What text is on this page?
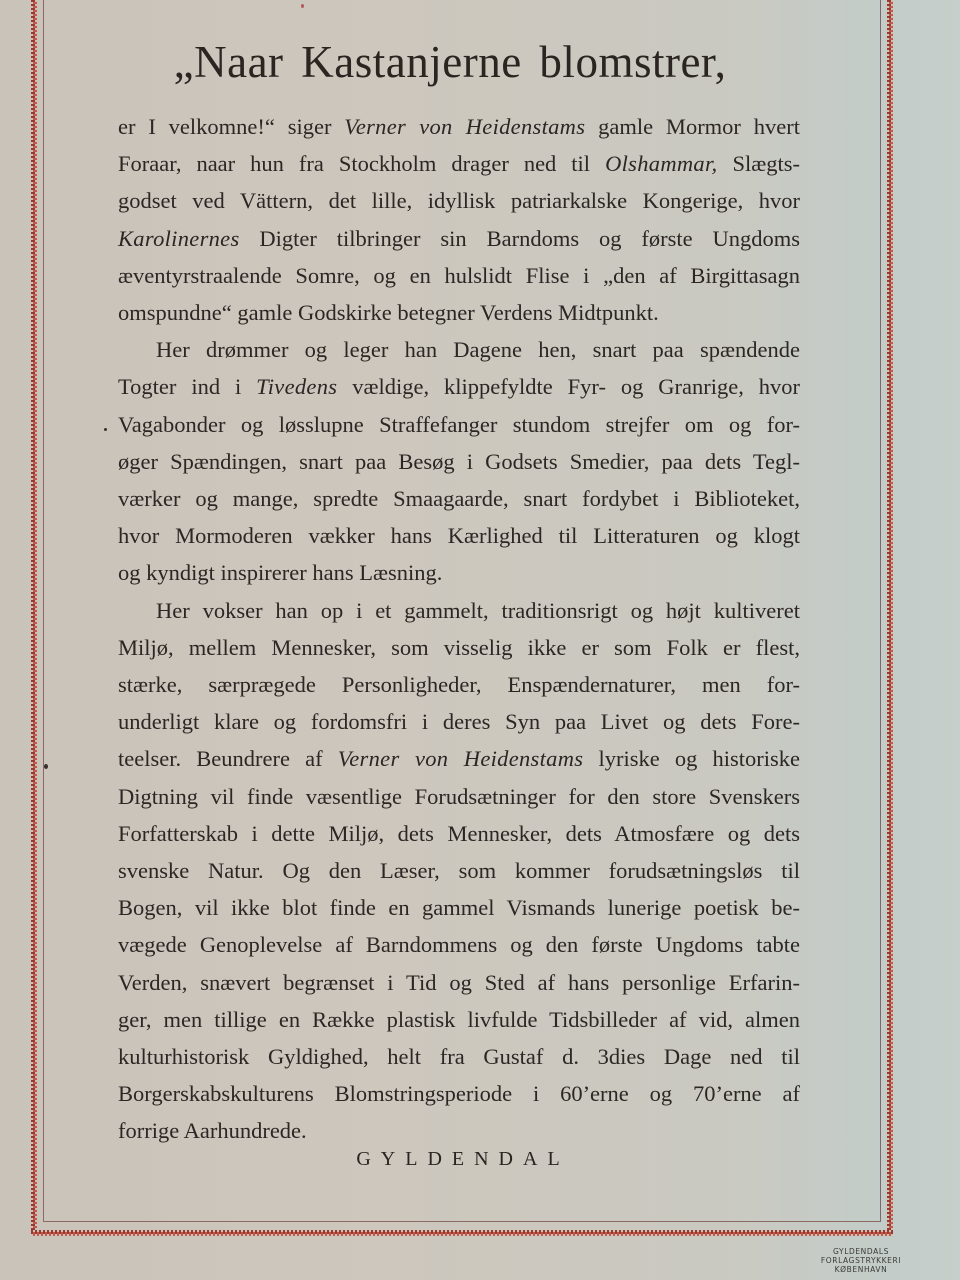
„Naar Kastanjerne blomstrer,

er I velkomne!“ siger Verner von Heidenstams gamle Mormor hvert
Foraar, naar hun fra Stockholm drager ned til Olshammar, Slægts-
godset ved Vättern, det lille, idyllisk patriarkalske Kongerige, hvor
Karolinernes Digter tilbringer sin Barndoms og første Ungdoms
æventyrstraalende Somre, og en hulslidt Flise i „den af Birgittasagn
omspundne“ gamle Godskirke betegner Verdens Midtpunkt.

Her drømmer og leger han Dagene hen, snart paa spændende
Togter ind i Tivedens vældige, klippefyldte Fyr- og Granrige, hvor
Vagabonder og løsslupne Straffefanger stundom strejfer om og for-
øger Spændingen, snart paa Besøg i Godsets Smedier, paa dets Tegl-
værker og mange, spredte Smaagaarde, snart fordybet i Biblioteket,
hvor Mormoderen vækker hans Kærlighed til Litteraturen og klogt
og kyndigt inspirerer hans Læsning.

Her vokser han op i et gammelt, traditionsrigt og højt kultiveret
Miljø, mellem Mennesker, som visselig ikke er som Folk er flest,
stærke, særprægede Personligheder, Enspændernaturer, men for-
underligt klare og fordomsfri i deres Syn paa Livet og dets Fore-
teelser. Beundrere af Verner von Heidenstams lyriske og historiske
Digtning vil finde væsentlige Forudsætninger for den store Svenskers
Forfatterskab i dette Miljø, dets Mennesker, dets Atmosfære og dets
svenske Natur. Og den Læser, som kommer forudsætningsløs til
Bogen, vil ikke blot finde en gammel Vismands lunerige poetisk be-
vægede Genoplevelse af Barndommens og den første Ungdoms tabte
Verden, snævert begrænset i Tid og Sted af hans personlige Erfarin-
ger, men tillige en Række plastisk livfulde Tidsbilleder af vid, almen
kulturhistorisk Gyldighed, helt fra Gustaf d. 3dies Dage ned til
Borgerskabskulturens Blomstringsperiode i 60’erne og 70’erne af
forrige Aarhundrede.

GYLDENDAL
GYLDENDALS
FORLAGSTRYKKERI
KØBENHAVN
